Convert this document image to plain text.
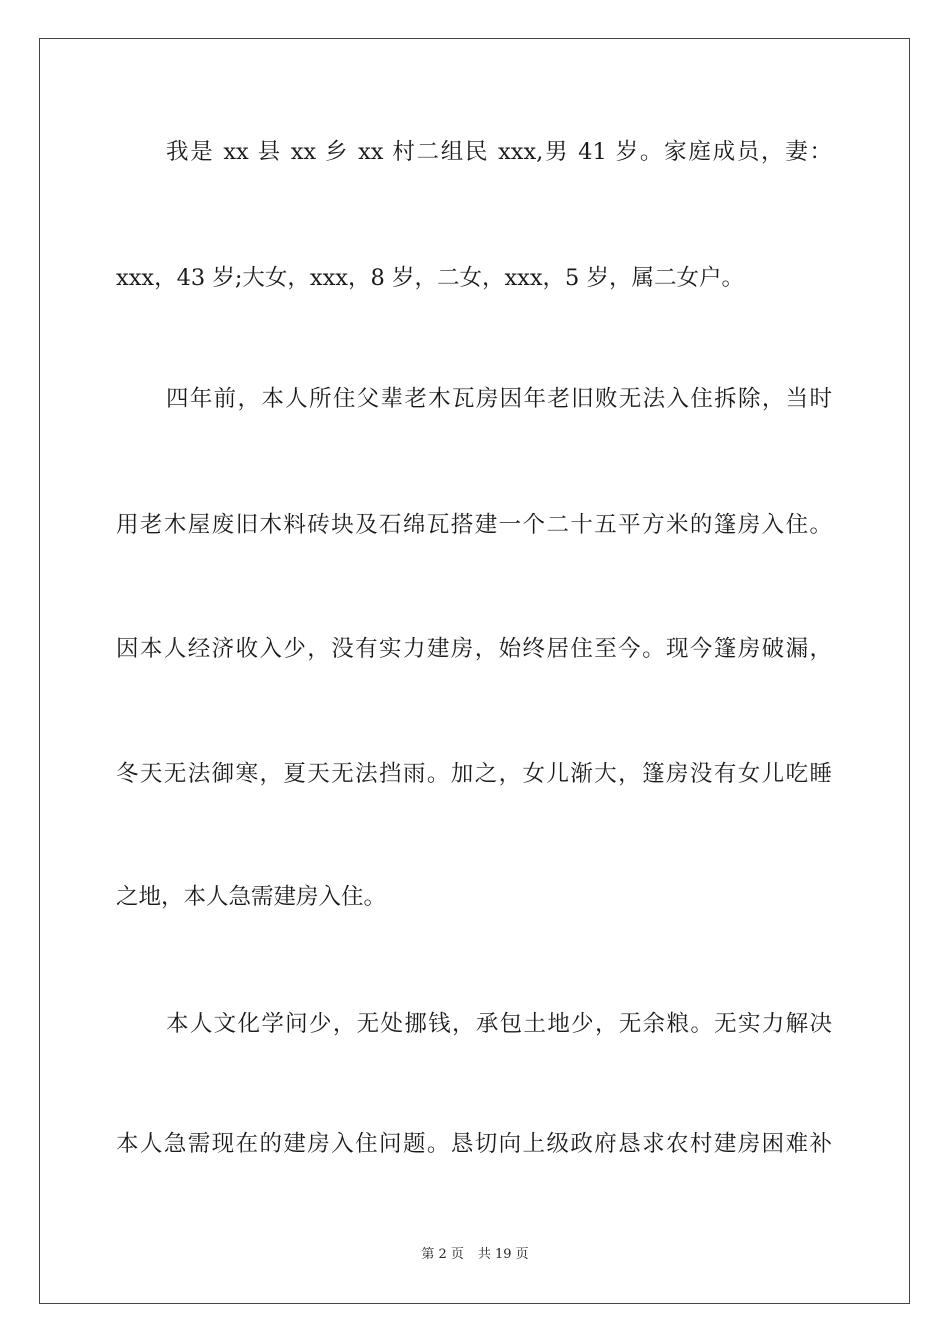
我是 xx 县 xx 乡 xx 村二组民 xxx,男 41 岁。家庭成员，妻：
xxx，43 岁;大女，xxx，8 岁，二女，xxx，5 岁，属二女户。
四年前，本人所住父辈老木瓦房因年老旧败无法入住拆除，当时
用老木屋废旧木料砖块及石绵瓦搭建一个二十五平方米的篷房入住。
因本人经济收入少，没有实力建房，始终居住至今。现今篷房破漏，
冬天无法御寒，夏天无法挡雨。加之，女儿渐大，篷房没有女儿吃睡
之地，本人急需建房入住。
本人文化学问少，无处挪钱，承包土地少，无余粮。无实力解决
本人急需现在的建房入住问题。恳切向上级政府恳求农村建房困难补
第 2 页 共 19 页
